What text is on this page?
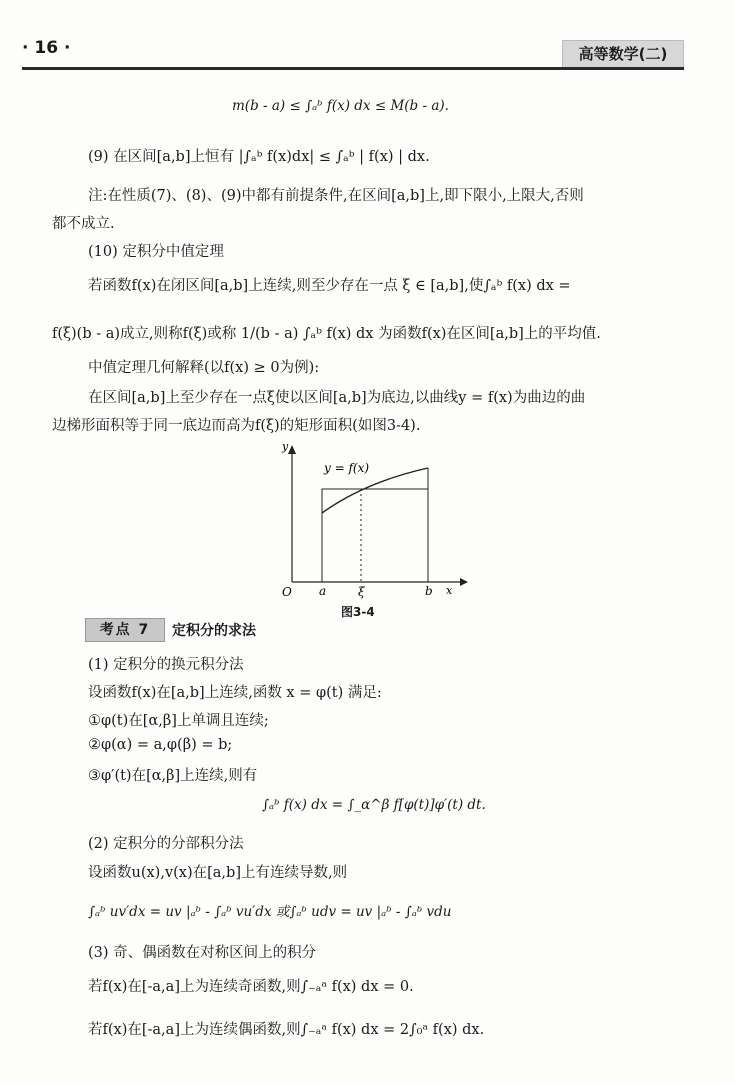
· 16 ·	高等数学(二)
m(b - a) ≤ ∫ₐᵇ f(x) dx ≤ M(b - a).
(9) 在区间[a,b]上恒有 |∫ₐᵇ f(x)dx| ≤ ∫ₐᵇ | f(x) | dx.
注:在性质(7)、(8)、(9)中都有前提条件,在区间[a,b]上,即下限小,上限大,否则
都不成立.
(10) 定积分中值定理
若函数f(x)在闭区间[a,b]上连续,则至少存在一点 ξ ∈ [a,b],使∫ₐᵇ f(x) dx =
f(ξ)(b - a)成立,则称f(ξ)或称 1/(b - a) ∫ₐᵇ f(x) dx 为函数f(x)在区间[a,b]上的平均值.
中值定理几何解释(以f(x) ≥ 0为例):
在区间[a,b]上至少存在一点ξ使以区间[a,b]为底边,以曲线y = f(x)为曲边的曲
边梯形面积等于同一底边而高为f(ξ)的矩形面积(如图3-4).
y
y = f(x)
O a	ξ	b x
图3-4
考点 7	定积分的求法
(1) 定积分的换元积分法
设函数f(x)在[a,b]上连续,函数 x = φ(t) 满足:
①φ(t)在[α,β]上单调且连续;
②φ(α) = a,φ(β) = b;
③φ′(t)在[α,β]上连续,则有
∫ₐᵇ f(x) dx = ∫_α^β f[φ(t)]φ′(t) dt.
(2) 定积分的分部积分法
设函数u(x),v(x)在[a,b]上有连续导数,则
∫ₐᵇ uv′dx = uv |ₐᵇ - ∫ₐᵇ vu′dx 或∫ₐᵇ udv = uv |ₐᵇ - ∫ₐᵇ vdu
(3) 奇、偶函数在对称区间上的积分
若f(x)在[-a,a]上为连续奇函数,则∫₋ₐᵃ f(x) dx = 0.
若f(x)在[-a,a]上为连续偶函数,则∫₋ₐᵃ f(x) dx = 2∫₀ᵃ f(x) dx.
